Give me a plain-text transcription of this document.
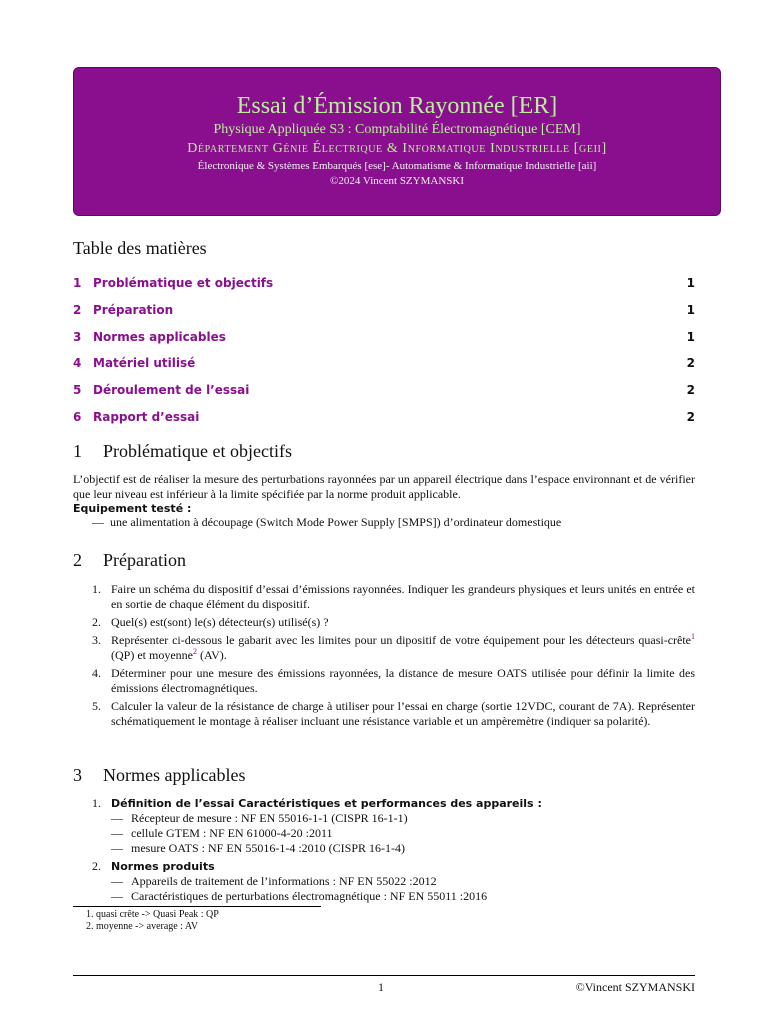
Essai d’Émission Rayonnée [ER]
Physique Appliquée S3 : Comptabilité Électromagnétique [CEM]
Département Génie Électrique & Informatique Industrielle [geii]
Électronique & Systèmes Embarqués [ese]- Automatisme & Informatique Industrielle [aii]
©2024 Vincent SZYMANSKI
Table des matières
1 Problématique et objectifs	1
2 Préparation	1
3 Normes applicables	1
4 Matériel utilisé	2
5 Déroulement de l’essai	2
6 Rapport d’essai	2
1 Problématique et objectifs
L’objectif est de réaliser la mesure des perturbations rayonnées par un appareil électrique dans l’espace environnant et de vérifier que leur niveau est inférieur à la limite spécifiée par la norme produit applicable.
Equipement testé :
—  une alimentation à découpage (Switch Mode Power Supply [SMPS]) d’ordinateur domestique
2 Préparation
1. Faire un schéma du dispositif d’essai d’émissions rayonnées. Indiquer les grandeurs physiques et leurs unités en entrée et en sortie de chaque élément du dispositif.
2. Quel(s) est(sont) le(s) détecteur(s) utilisé(s) ?
3. Représenter ci-dessous le gabarit avec les limites pour un dipositif de votre équipement pour les détecteurs quasi-crête$^1$ (QP) et moyenne$^2$ (AV).
4. Déterminer pour une mesure des émissions rayonnées, la distance de mesure OATS utilisée pour définir la limite des émissions électromagnétiques.
5. Calculer la valeur de la résistance de charge à utiliser pour l’essai en charge (sortie 12VDC, courant de 7A). Représenter schématiquement le montage à réaliser incluant une résistance variable et un ampèremètre (indiquer sa polarité).
3 Normes applicables
1. Définition de l’essai Caractéristiques et performances des appareils :
— Récepteur de mesure : NF EN 55016-1-1 (CISPR 16-1-1)
— cellule GTEM : NF EN 61000-4-20 :2011
— mesure OATS : NF EN 55016-1-4 :2010 (CISPR 16-1-4)
2. Normes produits
— Appareils de traitement de l’informations : NF EN 55022 :2012
— Caractéristiques de perturbations électromagnétique : NF EN 55011 :2016
1. quasi crête -> Quasi Peak : QP
2. moyenne -> average : AV
1	©Vincent SZYMANSKI
